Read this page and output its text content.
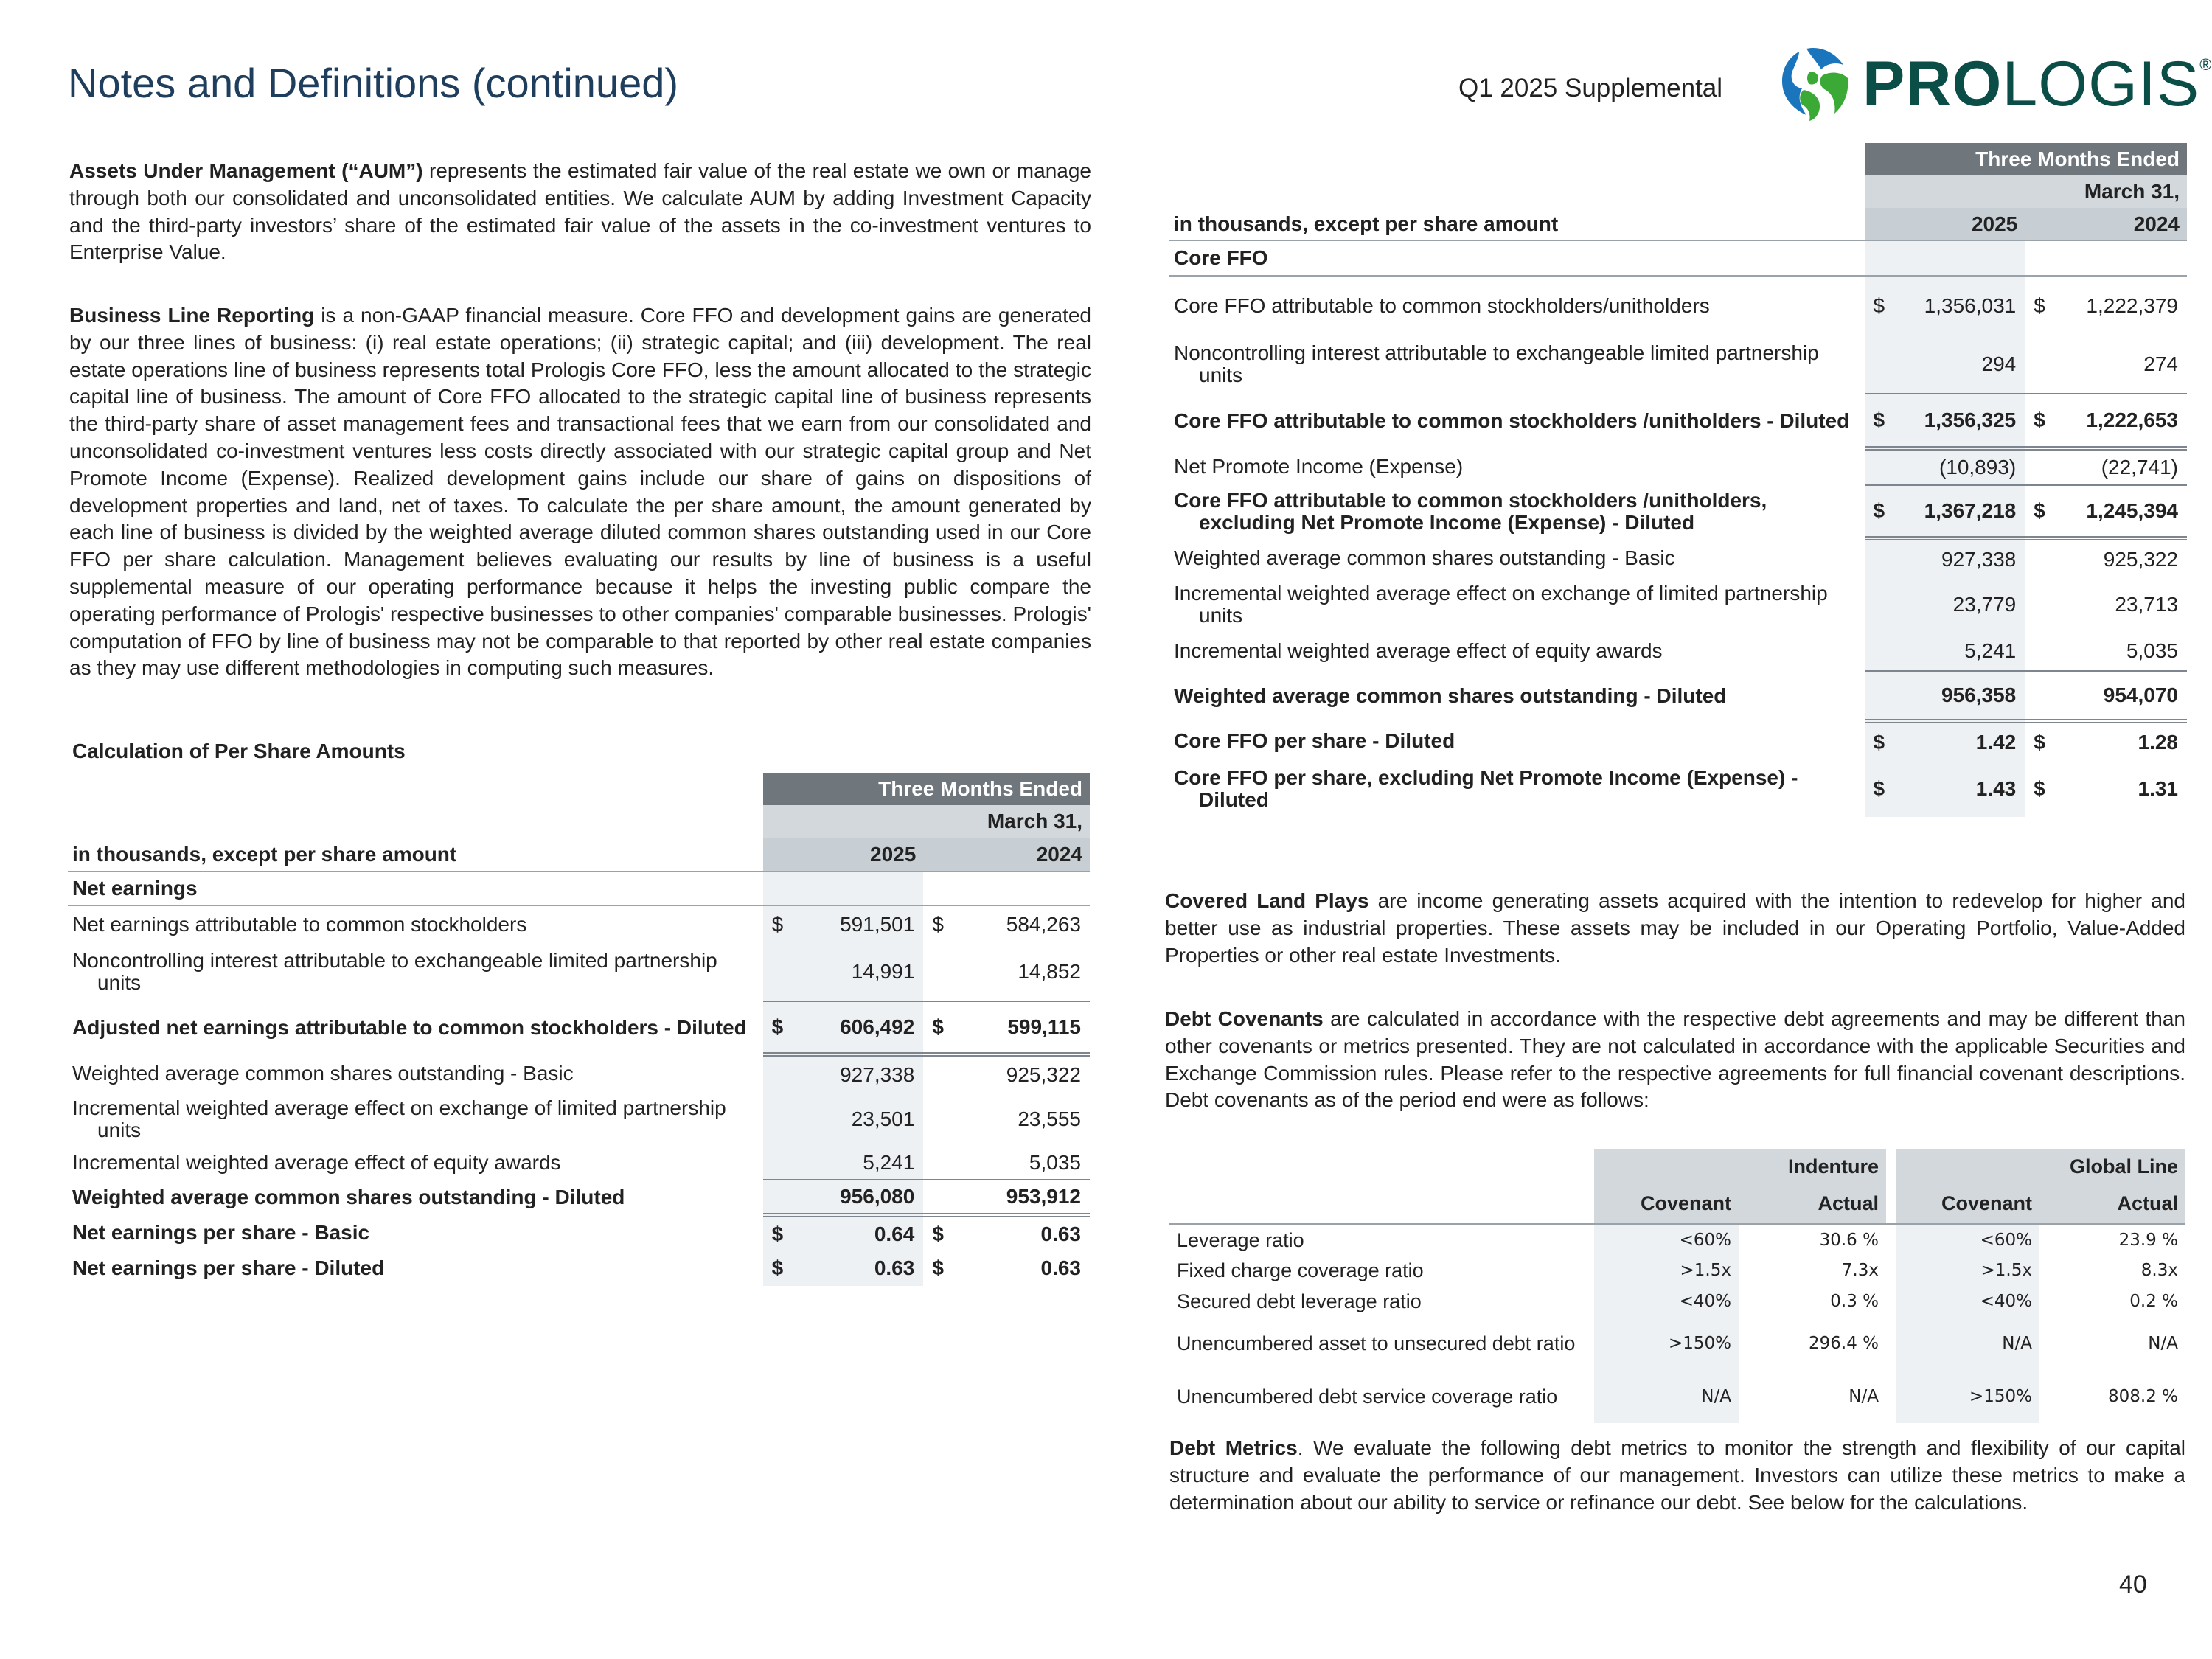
Notes and Definitions (continued)	Q1 2025 Supplemental PROLOGIS®

Assets Under Management (“AUM”) represents the estimated fair value of the real estate we own or manage through both our consolidated and unconsolidated entities. We calculate AUM by adding Investment Capacity and the third-party investors’ share of the estimated fair value of the assets in the co-investment ventures to Enterprise Value.

Business Line Reporting is a non-GAAP financial measure. Core FFO and development gains are generated by our three lines of business: (i) real estate operations; (ii) strategic capital; and (iii) development. The real estate operations line of business represents total Prologis Core FFO, less the amount allocated to the strategic capital line of business. The amount of Core FFO allocated to the strategic capital line of business represents the third-party share of asset management fees and transactional fees that we earn from our consolidated and unconsolidated co-investment ventures less costs directly associated with our strategic capital group and Net Promote Income (Expense). Realized development gains include our share of gains on dispositions of development properties and land, net of taxes. To calculate the per share amount, the amount generated by each line of business is divided by the weighted average diluted common shares outstanding used in our Core FFO per share calculation. Management believes evaluating our results by line of business is a useful supplemental measure of our operating performance because it helps the investing public compare the operating performance of Prologis' respective businesses to other companies' comparable businesses. Prologis' computation of FFO by line of business may not be comparable to that reported by other real estate companies as they may use different methodologies in computing such measures.

Calculation of Per Share Amounts
	Three Months Ended			
	March 31,			
in thousands, except per share amount	2025		2024	
Net earnings				

Net earnings attributable to common stockholders	$	591,501	$	584,263

Noncontrolling interest attributable to exchangeable limited partnership units		14,991		14,852

Adjusted net earnings attributable to common stockholders - Diluted	$	606,492	$	599,115

Weighted average common shares outstanding - Basic		927,338		925,322

Incremental weighted average effect on exchange of limited partnership units		23,501		23,555

Incremental weighted average effect of equity awards		5,241		5,035

Weighted average common shares outstanding - Diluted		956,080		953,912

Net earnings per share - Basic	$	0.64	$	0.63

Net earnings per share - Diluted	$	0.63	$	0.63
	Three Months Ended			
	March 31,			
in thousands, except per share amount	2025		2024	
Core FFO				

Core FFO attributable to common stockholders/unitholders	$	1,356,031	$	1,222,379

Noncontrolling interest attributable to exchangeable limited partnership units		294		274

Core FFO attributable to common stockholders /unitholders - Diluted	$	1,356,325	$	1,222,653

Net Promote Income (Expense)		(10,893)		(22,741)

Core FFO attributable to common stockholders /unitholders, excluding Net Promote Income (Expense) - Diluted	$	1,367,218	$	1,245,394

Weighted average common shares outstanding - Basic		927,338		925,322

Incremental weighted average effect on exchange of limited partnership units		23,779		23,713

Incremental weighted average effect of equity awards		5,241		5,035

Weighted average common shares outstanding - Diluted		956,358		954,070

Core FFO per share - Diluted	$	1.42	$	1.28

Core FFO per share, excluding Net Promote Income (Expense) - Diluted	$	1.43	$	1.31

Covered Land Plays are income generating assets acquired with the intention to redevelop for higher and better use as industrial properties. These assets may be included in our Operating Portfolio, Value-Added Properties or other real estate Investments.

Debt Covenants are calculated in accordance with the respective debt agreements and may be different than other covenants or metrics presented. They are not calculated in accordance with the applicable Securities and Exchange Commission rules. Please refer to the respective agreements for full financial covenant descriptions. Debt covenants as of the period end were as follows:

	Indenture			Global Line	
	Covenant	Actual		Covenant	Actual

Leverage ratio	<60%	30.6 %		<60%	23.9 %

Fixed charge coverage ratio	>1.5x	7.3x		>1.5x	8.3x

Secured debt leverage ratio	<40%	0.3 %		<40%	0.2 %

Unencumbered asset to unsecured debt ratio	>150%	296.4 %		N/A	N/A

Unencumbered debt service coverage ratio	N/A	N/A		>150%	808.2 %

Debt Metrics. We evaluate the following debt metrics to monitor the strength and flexibility of our capital structure and evaluate the performance of our management. Investors can utilize these metrics to make a determination about our ability to service or refinance our debt. See below for the calculations.

40
